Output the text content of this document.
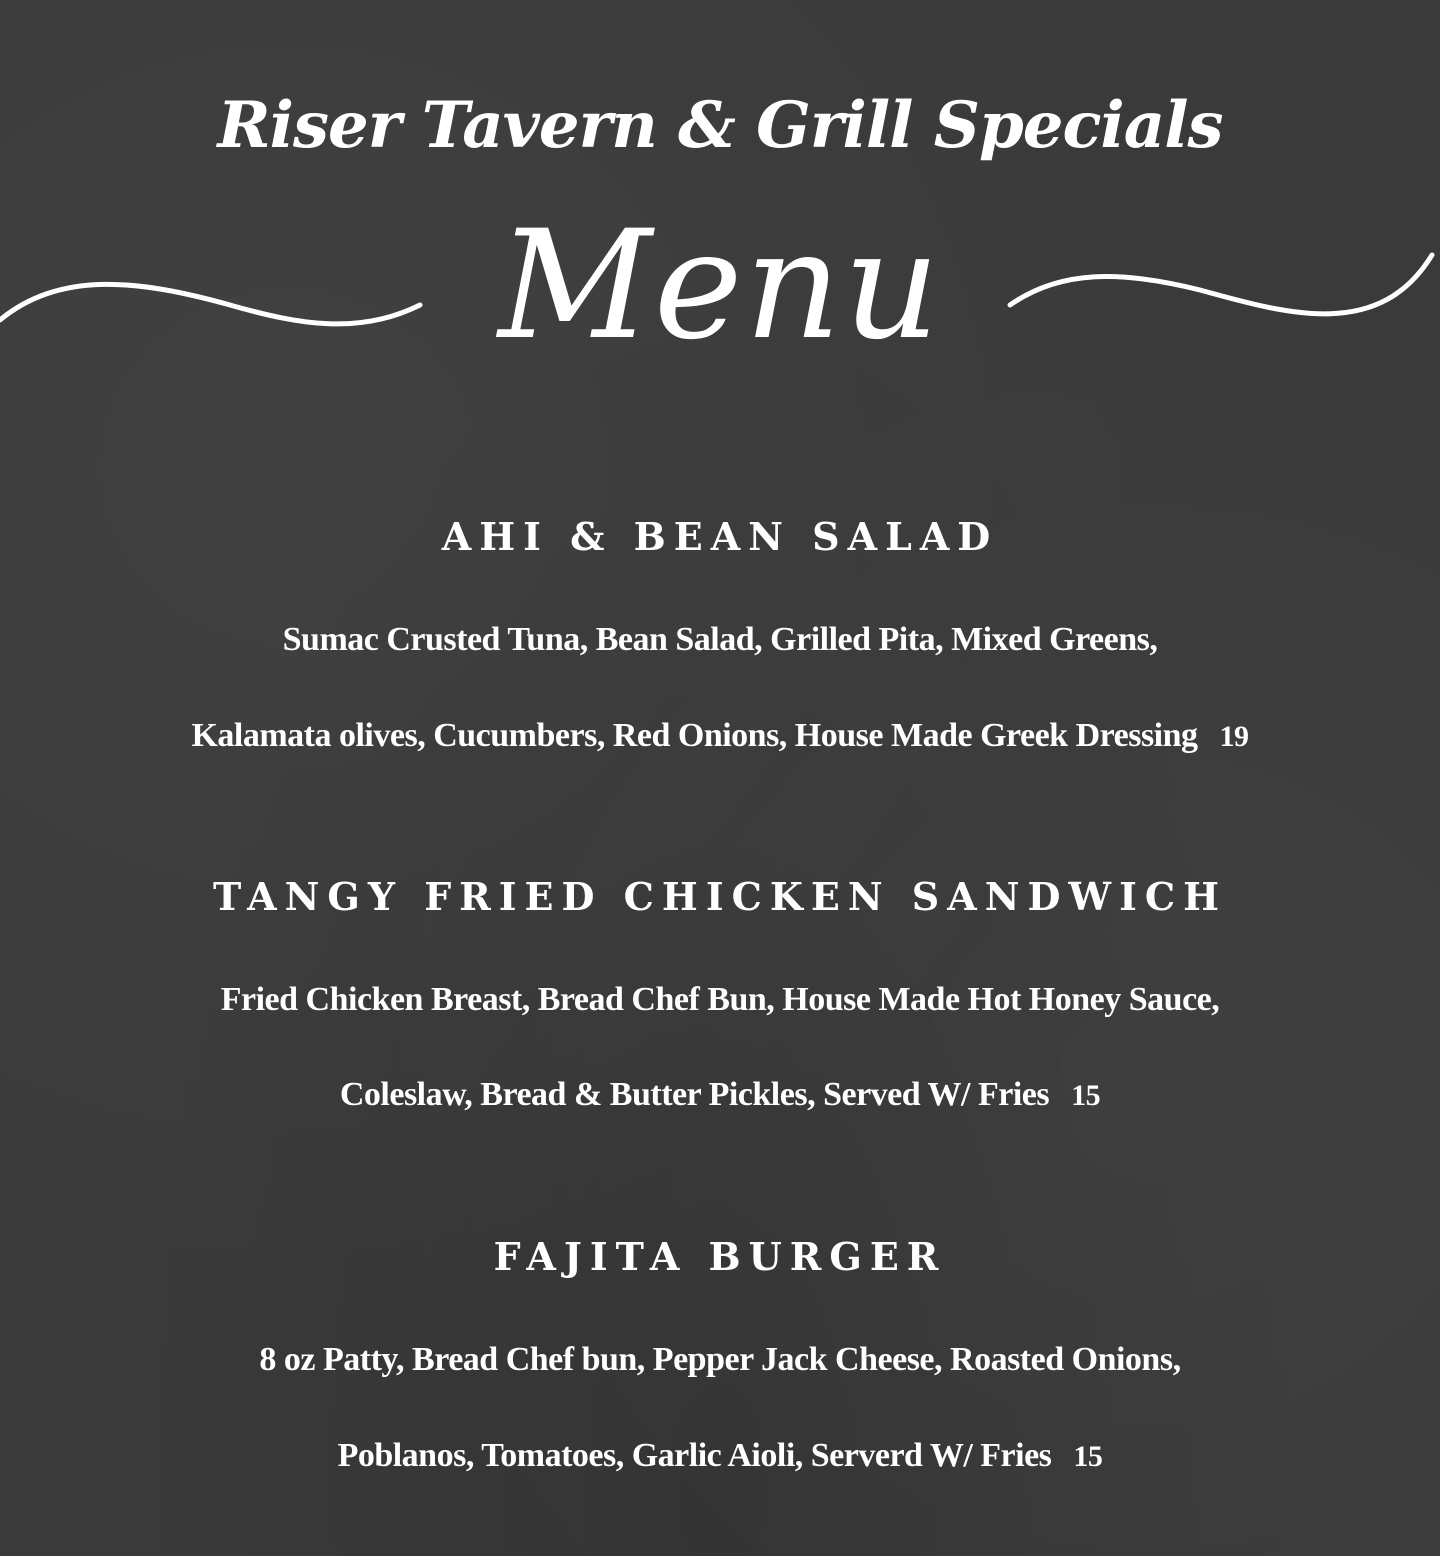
Riser Tavern & Grill Specials
Menu
AHI & BEAN SALAD
Sumac Crusted Tuna, Bean Salad, Grilled Pita, Mixed Greens,
Kalamata olives, Cucumbers, Red Onions, House Made Greek Dressing 19
TANGY FRIED CHICKEN SANDWICH
Fried Chicken Breast, Bread Chef Bun, House Made Hot Honey Sauce,
Coleslaw, Bread & Butter Pickles, Served W/ Fries 15
FAJITA BURGER
8 oz Patty, Bread Chef bun, Pepper Jack Cheese, Roasted Onions,
Poblanos, Tomatoes, Garlic Aioli, Serverd W/ Fries 15
